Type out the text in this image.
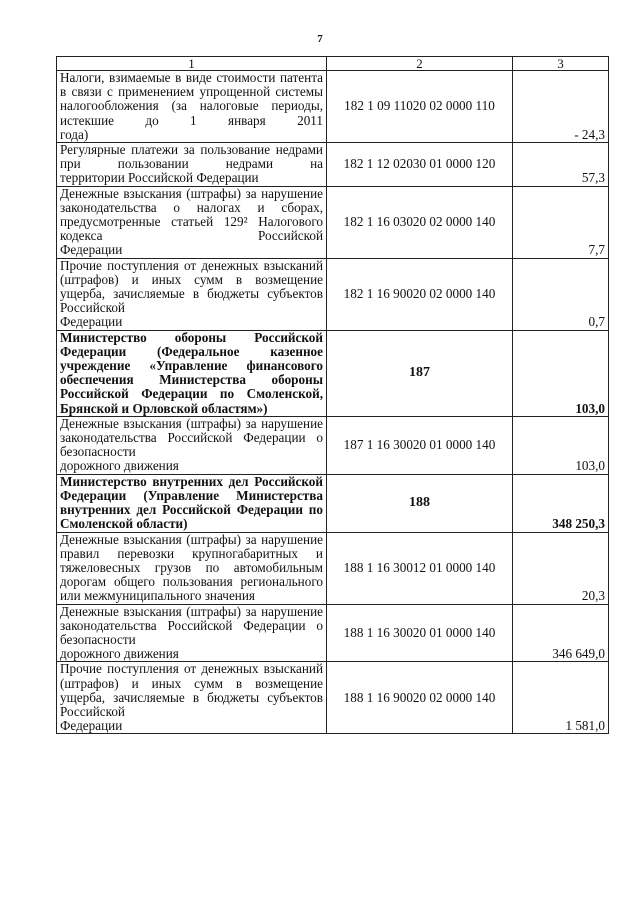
7
1	2	3
Налоги, взимаемые в виде стоимости патента в связи с применением упрощенной системы налогообложения (за налоговые периоды, истекшие до 1 января 2011
года)	182 1 09 11020 02 0000 110	- 24,3
Регулярные платежи за пользование недрами при пользовании недрами на
территории Российской Федерации	182 1 12 02030 01 0000 120	57,3
Денежные взыскания (штрафы) за нарушение законодательства о налогах и сборах, предусмотренные статьей 129² Налогового кодекса Российской
Федерации	182 1 16 03020 02 0000 140	7,7
Прочие поступления от денежных взысканий (штрафов) и иных сумм в возмещение ущерба, зачисляемые в бюджеты субъектов Российской
Федерации	182 1 16 90020 02 0000 140	0,7
Министерство обороны Российской Федерации (Федеральное казенное учреждение «Управление финансового обеспечения Министерства обороны Российской Федерации по Смоленской,
Брянской и Орловской областям»)	187	103,0
Денежные взыскания (штрафы) за нарушение законодательства Российской Федерации о безопасности
дорожного движения	187 1 16 30020 01 0000 140	103,0
Министерство внутренних дел Российской Федерации (Управление Министерства внутренних дел Российской Федерации по
Смоленской области)	188	348 250,3
Денежные взыскания (штрафы) за нарушение правил перевозки крупногабаритных и тяжеловесных грузов по автомобильным дорогам общего пользования регионального
или межмуниципального значения	188 1 16 30012 01 0000 140	20,3
Денежные взыскания (штрафы) за нарушение законодательства Российской Федерации о безопасности
дорожного движения	188 1 16 30020 01 0000 140	346 649,0
Прочие поступления от денежных взысканий (штрафов) и иных сумм в возмещение ущерба, зачисляемые в бюджеты субъектов Российской
Федерации	188 1 16 90020 02 0000 140	1 581,0
